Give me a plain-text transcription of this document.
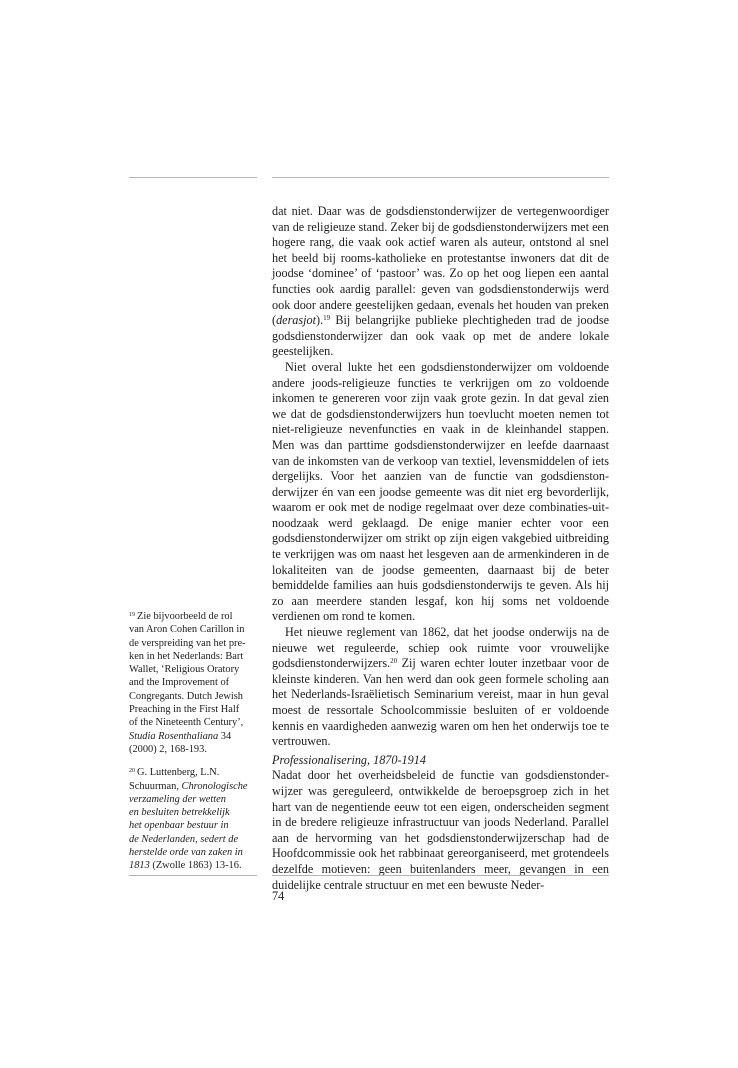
dat niet. Daar was de godsdienstonderwijzer de vertegenwoordiger van de religieuze stand. Zeker bij de godsdienstonderwijzers met een hogere rang, die vaak ook actief waren als auteur, ontstond al snel het beeld bij rooms-katholieke en protestantse inwoners dat dit de joodse ‘dominee’ of ‘pastoor’ was. Zo op het oog liepen een aantal functies ook aardig parallel: geven van godsdienstonderwijs werd ook door andere geestelijken gedaan, evenals het houden van preken (derasjot).$^{19}$ Bij belangrijke publieke plechtigheden trad de joodse godsdienstonderwijzer dan ook vaak op met de andere lokale geestelijken.

Niet overal lukte het een godsdienstonderwijzer om voldoende andere joods-religieuze functies te verkrijgen om zo voldoende inkomen te genereren voor zijn vaak grote gezin. In dat geval zien we dat de godsdienstonderwijzers hun toevlucht moeten nemen tot niet-religieuze nevenfuncties en vaak in de kleinhandel stappen. Men was dan parttime godsdienstonderwijzer en leefde daarnaast van de inkomsten van de verkoop van textiel, levensmiddelen of iets dergelijks. Voor het aanzien van de functie van godsdienstonderwijzer én van een joodse gemeente was dit niet erg bevorderlijk, waarom er ook met de nodige regelmaat over deze combinaties-uit-noodzaak werd geklaagd. De enige manier echter voor een godsdienstonderwijzer om strikt op zijn eigen vakgebied uitbreiding te verkrijgen was om naast het lesgeven aan de armenkinderen in de lokaliteiten van de joodse gemeenten, daarnaast bij de beter bemiddelde families aan huis godsdienstonderwijs te geven. Als hij zo aan meerdere standen lesgaf, kon hij soms net voldoende verdienen om rond te komen.

Het nieuwe reglement van 1862, dat het joodse onderwijs na de nieuwe wet reguleerde, schiep ook ruimte voor vrouwelijke godsdienstonderwijzers.$^{20}$ Zij waren echter louter inzetbaar voor de kleinste kinderen. Van hen werd dan ook geen formele scholing aan het Nederlands-Israëlietisch Seminarium vereist, maar in hun geval moest de ressortale Schoolcommissie besluiten of er voldoende kennis en vaardigheden aanwezig waren om hen het onderwijs toe te vertrouwen.

Professionalisering, 1870-1914

Nadat door het overheidsbeleid de functie van godsdienstonderwijzer was gereguleerd, ontwikkelde de beroepsgroep zich in het hart van de negentiende eeuw tot een eigen, onderscheiden segment in de bredere religieuze infrastructuur van joods Nederland. Parallel aan de hervorming van het godsdienstonderwijzerschap had de Hoofdcommissie ook het rabbinaat gereorganiseerd, met grotendeels dezelfde motieven: geen buitenlanders meer, gevangen in een duidelijke centrale structuur en met een bewuste Neder-

$^{19}$ Zie bijvoorbeeld de rol
van Aron Cohen Carillon in
de verspreiding van het pre-
ken in het Nederlands: Bart
Wallet, ‘Religious Oratory
and the Improvement of
Congregants. Dutch Jewish
Preaching in the First Half
of the Nineteenth Century’,
Studia Rosenthaliana 34
(2000) 2, 168-193.
$^{20}$ G. Luttenberg, L.N.
Schuurman, Chronologische
verzameling der wetten
en besluiten betrekkelijk
het openbaar bestuur in
de Nederlanden, sedert de
herstelde orde van zaken in
1813 (Zwolle 1863) 13-16.
74
